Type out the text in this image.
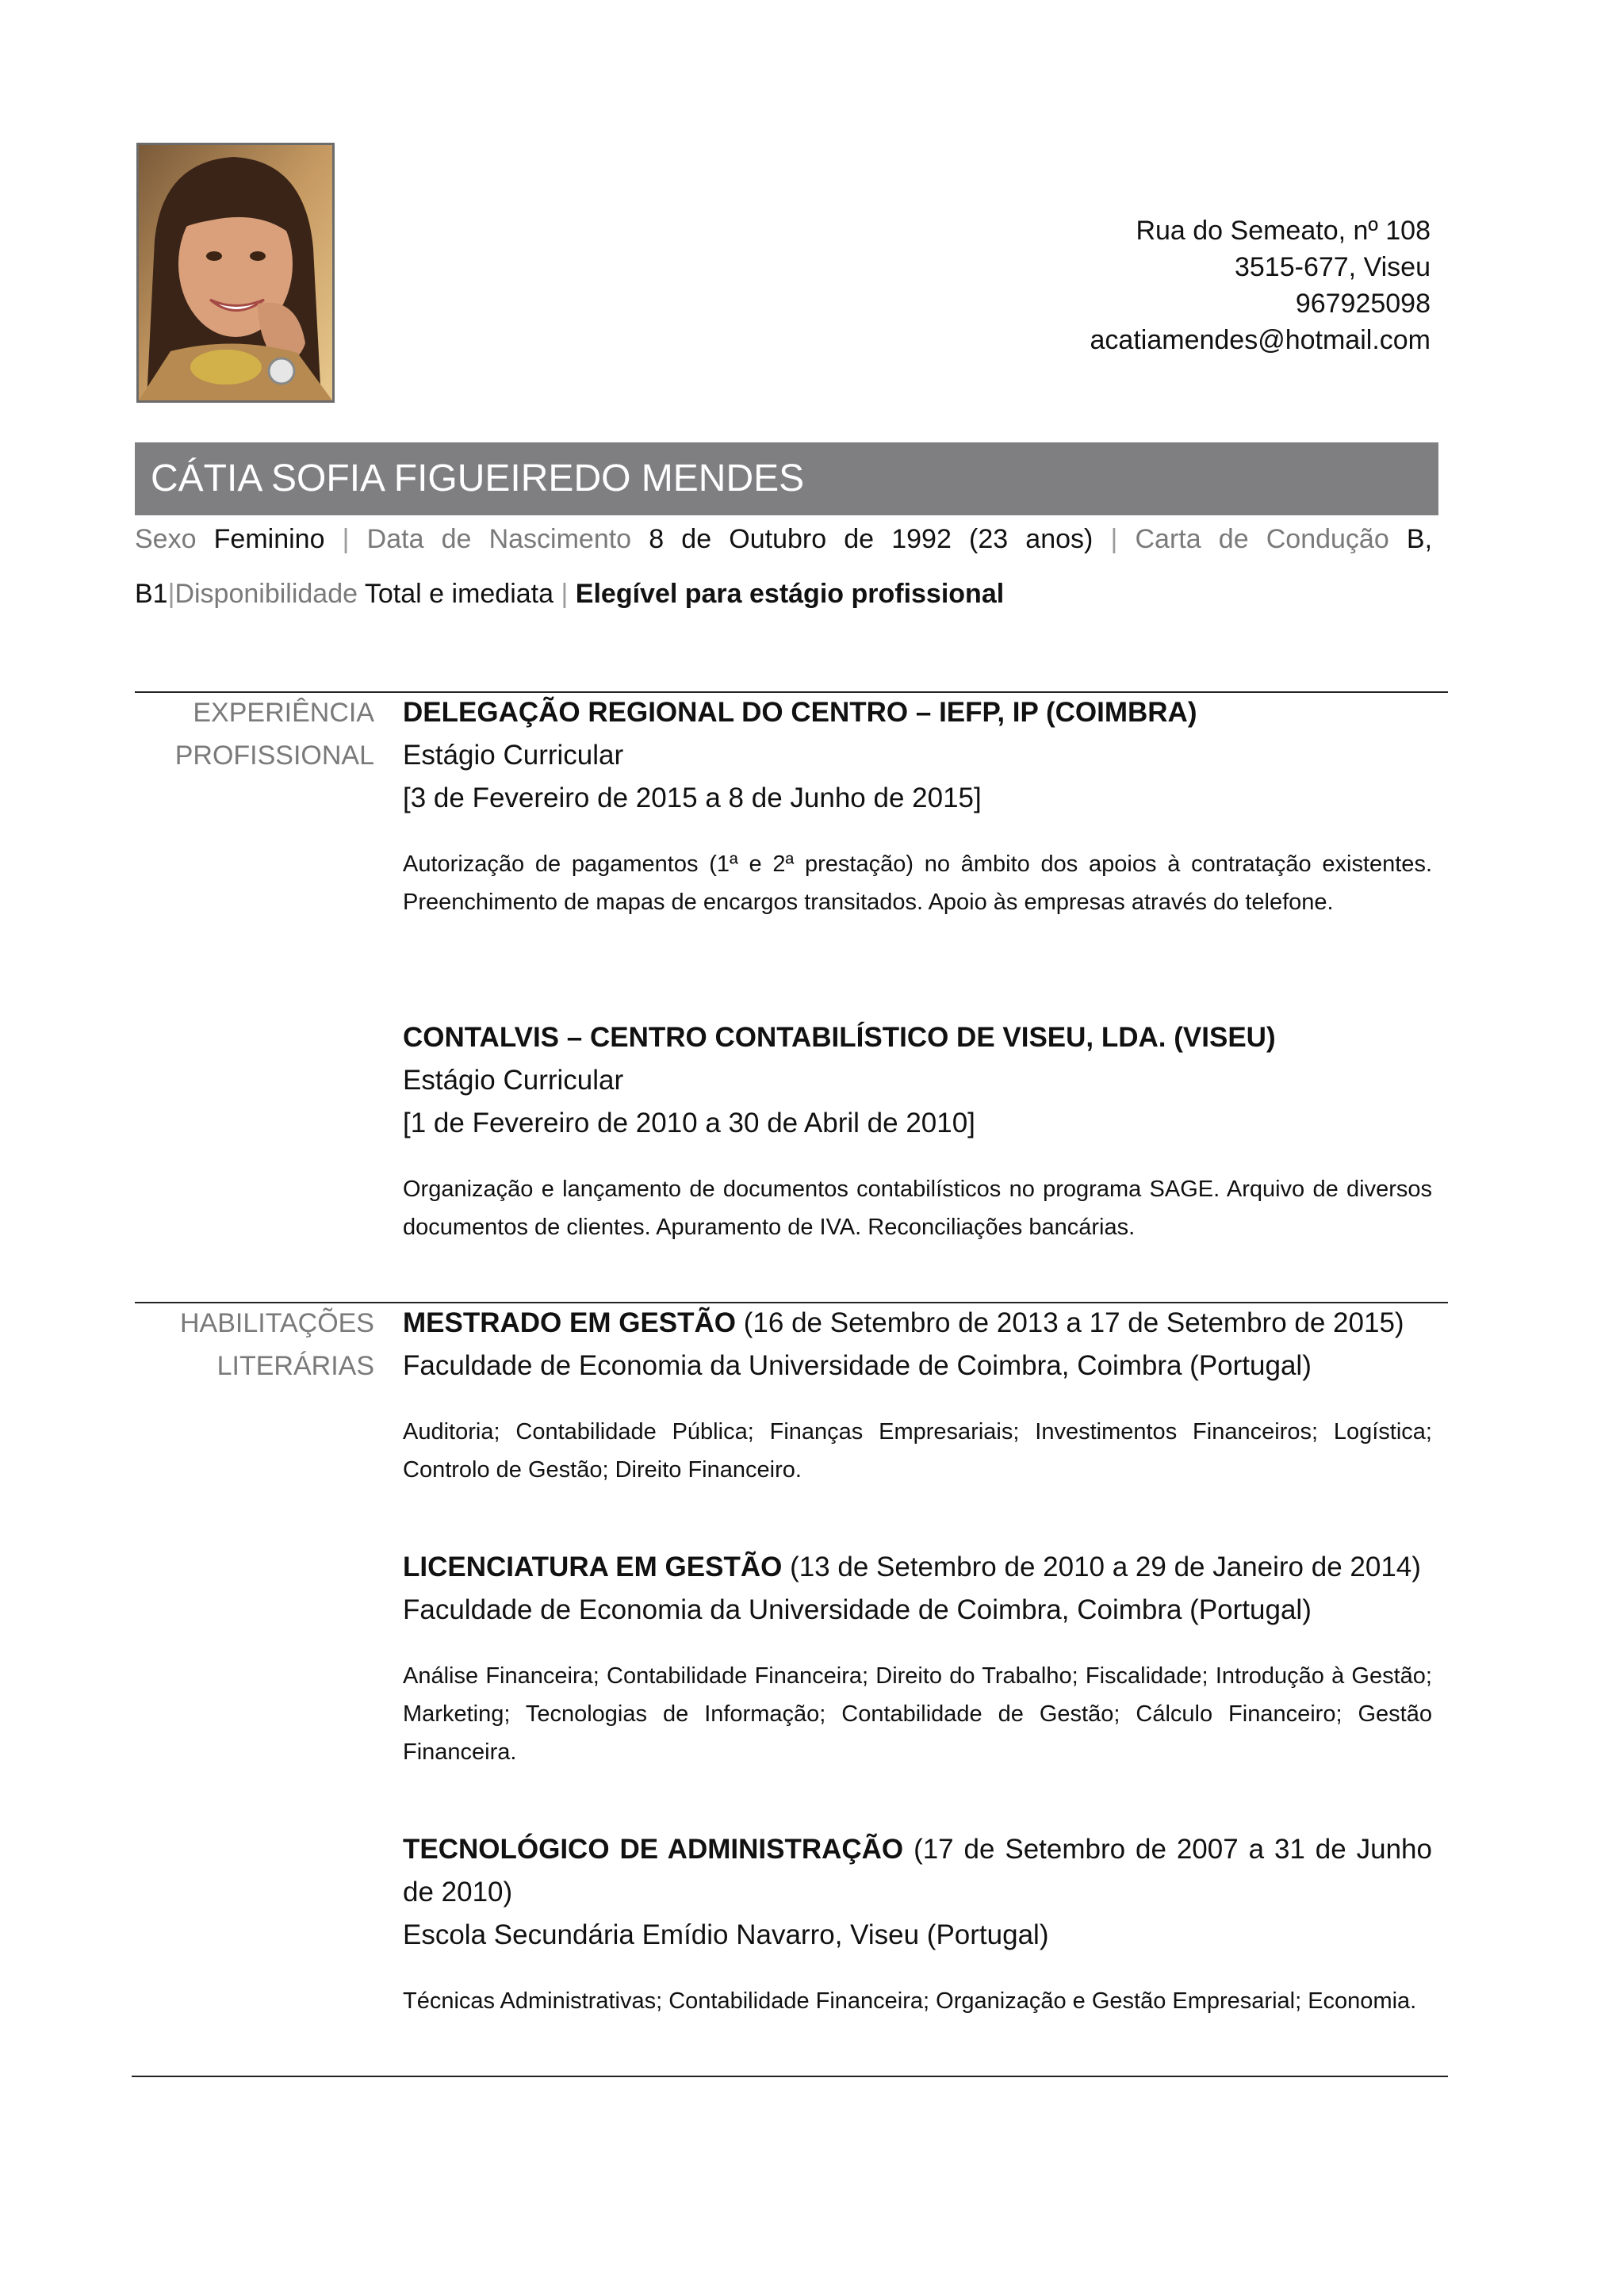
Rua do Semeato, nº 108
3515-677, Viseu
967925098
acatiamendes@hotmail.com
CÁTIA SOFIA FIGUEIREDO MENDES
Sexo Feminino | Data de Nascimento 8 de Outubro de 1992 (23 anos) | Carta de Condução B, B1|Disponibilidade Total e imediata | Elegível para estágio profissional
EXPERIÊNCIA
PROFISSIONAL
DELEGAÇÃO REGIONAL DO CENTRO – IEFP, IP (COIMBRA)
Estágio Curricular
[3 de Fevereiro de 2015 a 8 de Junho de 2015]
Autorização de pagamentos (1ª e 2ª prestação) no âmbito dos apoios à contratação existentes. Preenchimento de mapas de encargos transitados. Apoio às empresas através do telefone.
CONTALVIS – CENTRO CONTABILÍSTICO DE VISEU, LDA. (VISEU)
Estágio Curricular
[1 de Fevereiro de 2010 a 30 de Abril de 2010]
Organização e lançamento de documentos contabilísticos no programa SAGE. Arquivo de diversos documentos de clientes. Apuramento de IVA. Reconciliações bancárias.
HABILITAÇÕES
LITERÁRIAS
MESTRADO EM GESTÃO (16 de Setembro de 2013 a 17 de Setembro de 2015)
Faculdade de Economia da Universidade de Coimbra, Coimbra (Portugal)
Auditoria; Contabilidade Pública; Finanças Empresariais; Investimentos Financeiros; Logística; Controlo de Gestão; Direito Financeiro.
LICENCIATURA EM GESTÃO (13 de Setembro de 2010 a 29 de Janeiro de 2014)
Faculdade de Economia da Universidade de Coimbra, Coimbra (Portugal)
Análise Financeira; Contabilidade Financeira; Direito do Trabalho; Fiscalidade; Introdução à Gestão; Marketing; Tecnologias de Informação; Contabilidade de Gestão; Cálculo Financeiro; Gestão Financeira.
TECNOLÓGICO DE ADMINISTRAÇÃO (17 de Setembro de 2007 a 31 de Junho de 2010)
Escola Secundária Emídio Navarro, Viseu (Portugal)
Técnicas Administrativas; Contabilidade Financeira; Organização e Gestão Empresarial; Economia.
